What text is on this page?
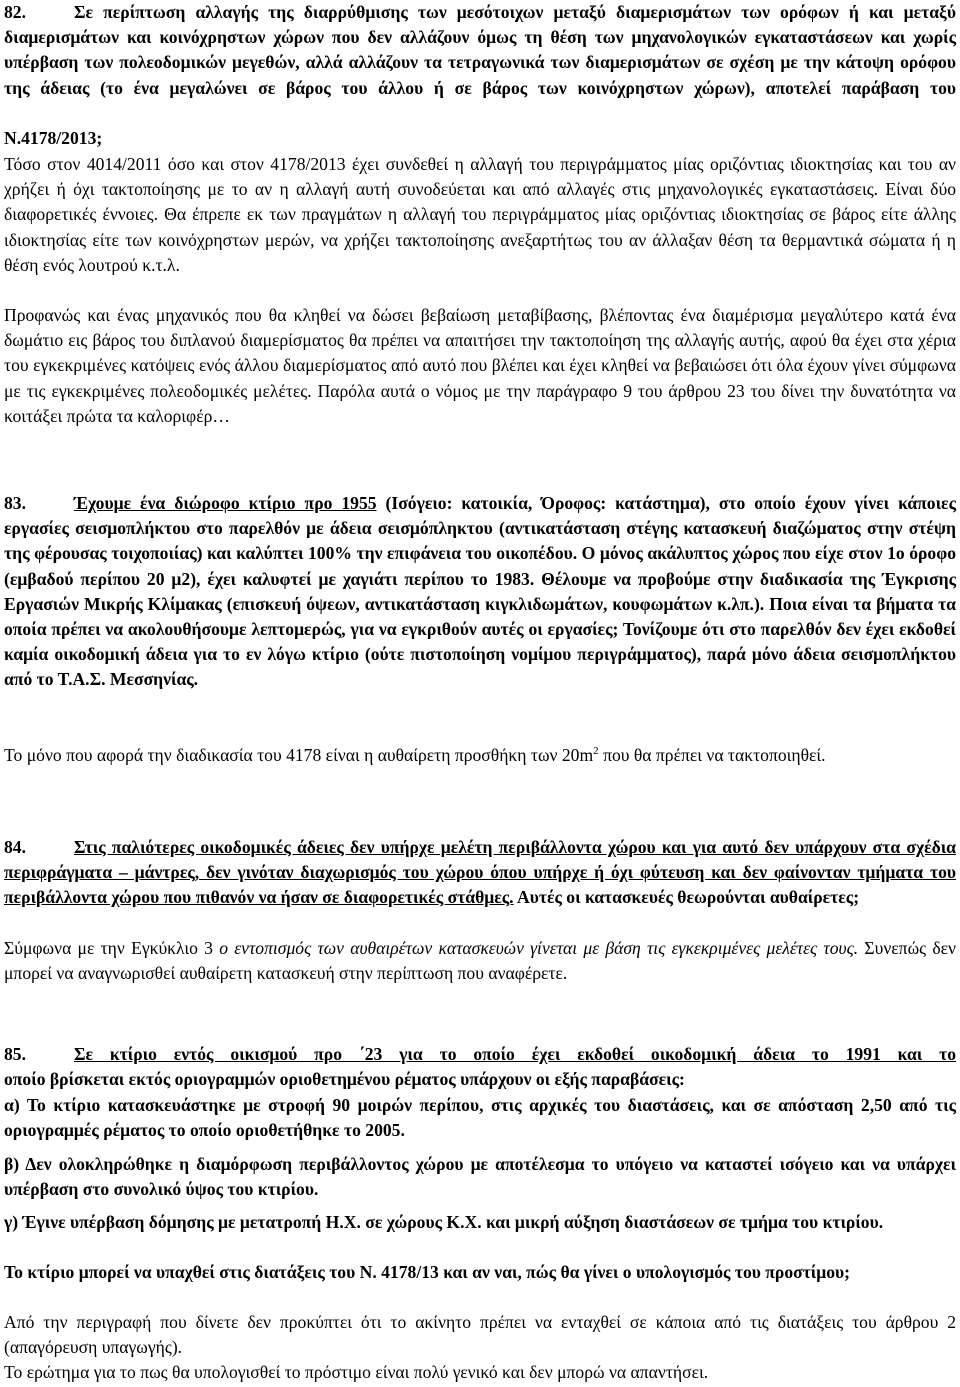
82.	Σε περίπτωση αλλαγής της διαρρύθμισης των μεσότοιχων μεταξύ διαμερισμάτων των ορόφων ή και μεταξύ διαμερισμάτων και κοινόχρηστων χώρων που δεν αλλάζουν όμως τη θέση των μηχανολογικών εγκαταστάσεων και χωρίς υπέρβαση των πολεοδομικών μεγεθών, αλλά αλλάζουν τα τετραγωνικά των διαμερισμάτων σε σχέση με την κάτοψη ορόφου της άδειας (το ένα μεγαλώνει σε βάρος του άλλου ή σε βάρος των κοινόχρηστων χώρων), αποτελεί παράβαση του

Ν.4178/2013;

Τόσο στον 4014/2011 όσο και στον 4178/2013 έχει συνδεθεί η αλλαγή του περιγράμματος μίας οριζόντιας ιδιοκτησίας και του αν χρήζει ή όχι τακτοποίησης με το αν η αλλαγή αυτή συνοδεύεται και από αλλαγές στις μηχανολογικές εγκαταστάσεις. Είναι δύο διαφορετικές έννοιες. Θα έπρεπε εκ των πραγμάτων η αλλαγή του περιγράμματος μίας οριζόντιας ιδιοκτησίας σε βάρος είτε άλλης ιδιοκτησίας είτε των κοινόχρηστων μερών, να χρήζει τακτοποίησης ανεξαρτήτως του αν άλλαξαν θέση τα θερμαντικά σώματα ή η θέση ενός λουτρού κ.τ.λ.

Προφανώς και ένας μηχανικός που θα κληθεί να δώσει βεβαίωση μεταβίβασης, βλέποντας ένα διαμέρισμα μεγαλύτερο κατά ένα δωμάτιο εις βάρος του διπλανού διαμερίσματος θα πρέπει να απαιτήσει την τακτοποίηση της αλλαγής αυτής, αφού θα έχει στα χέρια του εγκεκριμένες κατόψεις ενός άλλου διαμερίσματος από αυτό που βλέπει και έχει κληθεί να βεβαιώσει ότι όλα έχουν γίνει σύμφωνα με τις εγκεκριμένες πολεοδομικές μελέτες. Παρόλα αυτά ο νόμος με την παράγραφο 9 του άρθρου 23 του δίνει την δυνατότητα να κοιτάξει πρώτα τα καλοριφέρ…

83.	Έχουμε ένα διώροφο κτίριο προ 1955 (Ισόγειο: κατοικία, Όροφος: κατάστημα), στο οποίο έχουν γίνει κάποιες εργασίες σεισμοπλήκτου στο παρελθόν με άδεια σεισμόπληκτου (αντικατάσταση στέγης κατασκευή διαζώματος στην στέψη της φέρουσας τοιχοποιίας) και καλύπτει 100% την επιφάνεια του οικοπέδου. Ο μόνος ακάλυπτος χώρος που είχε στον 1ο όροφο (εμβαδού περίπου 20 μ2), έχει καλυφτεί με χαγιάτι περίπου το 1983. Θέλουμε να προβούμε στην διαδικασία της Έγκρισης Εργασιών Μικρής Κλίμακας (επισκευή όψεων, αντικατάσταση κιγκλιδωμάτων, κουφωμάτων κ.λπ.). Ποια είναι τα βήματα τα οποία πρέπει να ακολουθήσουμε λεπτομερώς, για να εγκριθούν αυτές οι εργασίες; Τονίζουμε ότι στο παρελθόν δεν έχει εκδοθεί καμία οικοδομική άδεια για το εν λόγω κτίριο (ούτε πιστοποίηση νομίμου περιγράμματος), παρά μόνο άδεια σεισμοπλήκτου από το Τ.Α.Σ. Μεσσηνίας.

Το μόνο που αφορά την διαδικασία του 4178 είναι η αυθαίρετη προσθήκη των $20m^2$ που θα πρέπει να τακτοποιηθεί.

84.	Στις παλιότερες οικοδομικές άδειες δεν υπήρχε μελέτη περιβάλλοντα χώρου και για αυτό δεν υπάρχουν στα σχέδια περιφράγματα – μάντρες, δεν γινόταν διαχωρισμός του χώρου όπου υπήρχε ή όχι φύτευση και δεν φαίνονταν τμήματα του περιβάλλοντα χώρου που πιθανόν να ήσαν σε διαφορετικές στάθμες. Αυτές οι κατασκευές θεωρούνται αυθαίρετες;

Σύμφωνα με την Εγκύκλιο 3 ο εντοπισμός των αυθαιρέτων κατασκευών γίνεται με βάση τις εγκεκριμένες μελέτες τους. Συνεπώς δεν μπορεί να αναγνωρισθεί αυθαίρετη κατασκευή στην περίπτωση που αναφέρετε.

85.	Σε κτίριο εντός οικισμού προ ΄23 για το οποίο έχει εκδοθεί οικοδομική άδεια το 1991 και το

οποίο βρίσκεται εκτός οριογραμμών οριοθετημένου ρέματος υπάρχουν οι εξής παραβάσεις:

α) Το κτίριο κατασκευάστηκε με στροφή 90 μοιρών περίπου, στις αρχικές του διαστάσεις, και σε απόσταση 2,50 από τις οριογραμμές ρέματος το οποίο οριοθετήθηκε το 2005.

β) Δεν ολοκληρώθηκε η διαμόρφωση περιβάλλοντος χώρου με αποτέλεσμα το υπόγειο να καταστεί ισόγειο και να υπάρχει υπέρβαση στο συνολικό ύψος του κτιρίου.

γ) Έγινε υπέρβαση δόμησης με μετατροπή Η.Χ. σε χώρους Κ.Χ. και μικρή αύξηση διαστάσεων σε τμήμα του κτιρίου.

Το κτίριο μπορεί να υπαχθεί στις διατάξεις του Ν. 4178/13 και αν ναι, πώς θα γίνει ο υπολογισμός του προστίμου;

Από την περιγραφή που δίνετε δεν προκύπτει ότι το ακίνητο πρέπει να ενταχθεί σε κάποια από τις διατάξεις του άρθρου 2 (απαγόρευση υπαγωγής).

Το ερώτημα για το πως θα υπολογισθεί το πρόστιμο είναι πολύ γενικό και δεν μπορώ να απαντήσει.
